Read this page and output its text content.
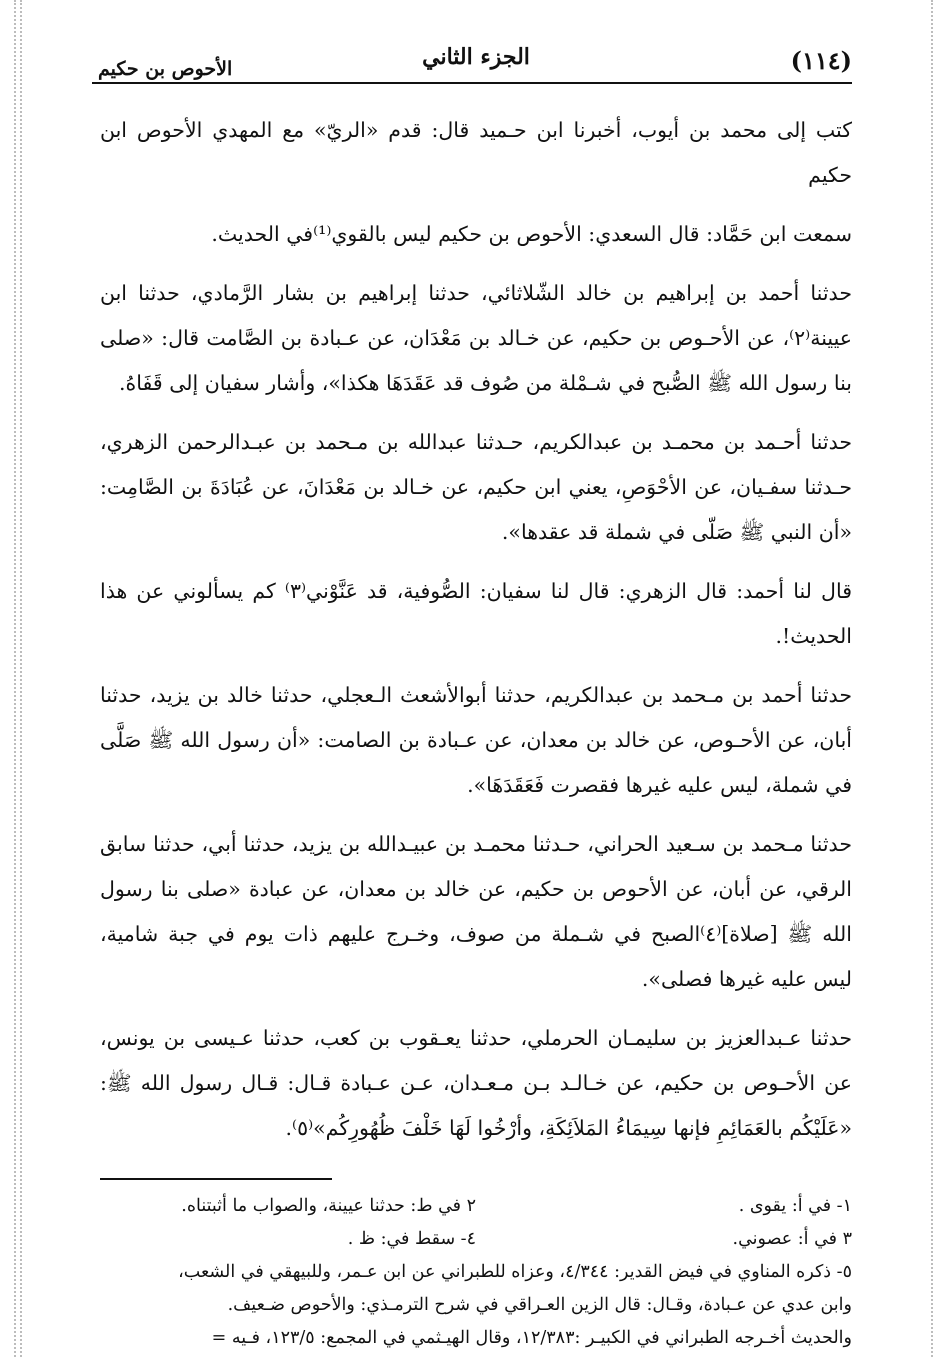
(١١٤)
الجزء الثاني
الأحوص بن حكيم

كتب إلى محمد بن أيوب، أخبرنا ابن حـميد قال: قدم «الريّ» مع المهدي الأحوص ابن حكيم

سمعت ابن حَمَّاد: قال السعدي: الأحوص بن حكيم ليس بالقوي⁽¹⁾في الحديث.

حدثنا أحمد بن إبراهيم بن خالد الشّلاثائي، حدثنا إبراهيم بن بشار الرَّمادي، حدثنا ابن عيينة⁽٢⁾، عن الأحـوص بن حكيم، عن خـالد بن مَعْدَان، عن عـبادة بن الصَّامت قال: «صلى بنا رسول الله ﷺ الصُّبح في شـمْلة من صُوف قد عَقَدَهَا هكذا»، وأشار سفيان إلى قَفَاهُ.

حدثنا أحـمد بن محمـد بن عبدالكريم، حـدثنا عبدالله بن مـحمد بن عبـدالرحمن الزهري، حـدثنا سفـيان، عن الأحْوَصِ، يعني ابن حكيم، عن خـالد بن مَعْدَانَ، عن عُبَادَةَ بن الصَّامِت: «أن النبي ﷺ صَلّى في شملة قد عقدها».

قال لنا أحمد: قال الزهري: قال لنا سفيان: الصُّوفية، قد عَنَّوْني⁽٣⁾ كم يسألوني عن هذا الحديث!.

حدثنا أحمد بن مـحمد بن عبدالكريم، حدثنا أبوالأشعث الـعجلي، حدثنا خالد بن يزيد، حدثنا أبان، عن الأحـوص، عن خالد بن معدان، عن عـبادة بن الصامت: «أن رسول الله ﷺ صَلَّى في شملة، ليس عليه غيرها فقصرت فَعَقَدَهَا».

حدثنا مـحمد بن سـعيد الحراني، حـدثنا محمـد بن عبيـدالله بن يزيد، حدثنا أبي، حدثنا سابق الرقي، عن أبان، عن الأحوص بن حكيم، عن خالد بن معدان، عن عبادة «صلى بنا رسول الله ﷺ [صلاة]⁽٤⁾الصبح في شـملة من صوف، وخـرج عليهم ذات يوم في جبة شامية، ليس عليه غيرها فصلى».

حدثنا عـبدالعزيز بن سليمـان الحرملي، حدثنا يعـقوب بن كعب، حدثنا عـيسى بن يونس، عن الأحـوص بن حكيم، عن خـالـد بـن مـعـدان، عـن عـبادة قـال: قـال رسول الله ﷺ: «عَلَيْكُم بالعَمَائِمِ فإنها سِيمَاءُ المَلاَئِكَةِ، وأرْخُوا لَهَا خَلْفَ ظُهُورِكُم»⁽٥⁾.

١- في أ: يقوى .
٢ في ط: حدثنا عيينة، والصواب ما أثبتناه.
٣ في أ: عصوني.
٤- سقط في: ظ .
٥- ذكره المناوي في فيض القدير: ٤/٣٤٤، وعزاه للطبراني عن ابن عـمر، وللبيهقي في الشعب،
وابن عدي عن عـبادة، وقـال: قال الزين العـراقي في شرح الترمـذي: والأحوص ضـعيف.
والحديث أخـرجه الطبراني في الكبيـر :١٢/٣٨٣، وقال الهيـثمي في المجمع: ١٢٣/٥، فـيه =
